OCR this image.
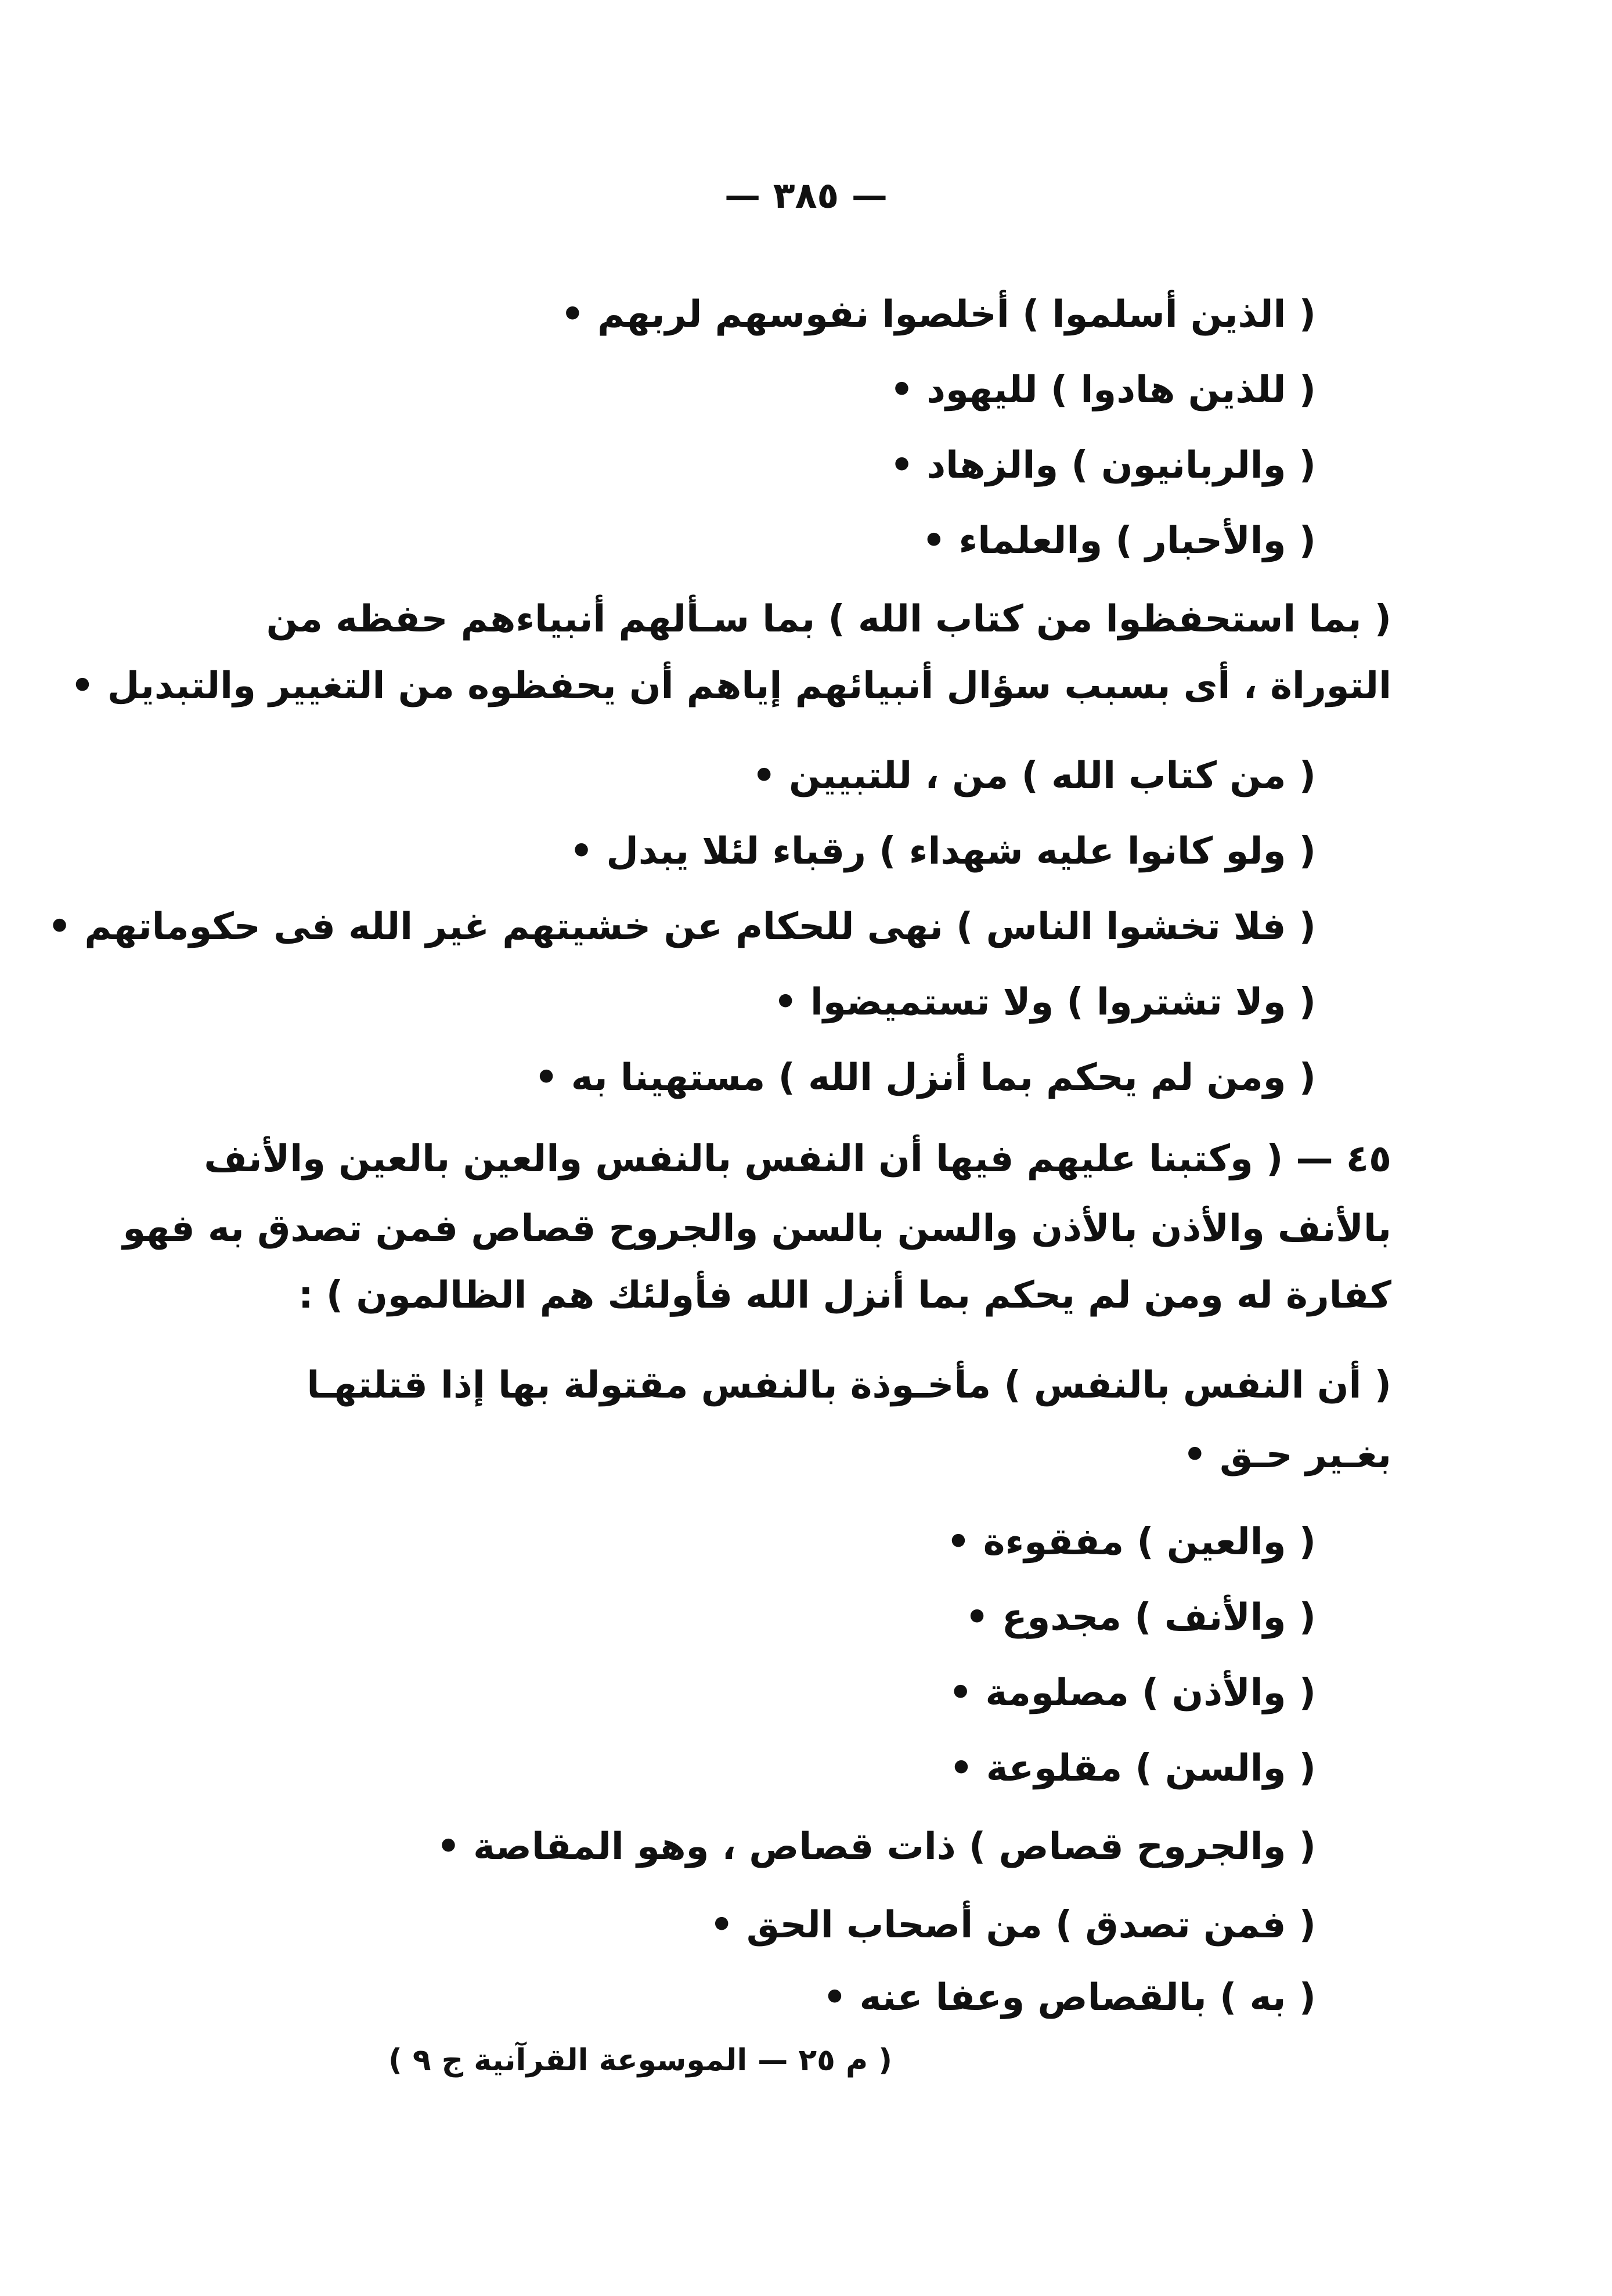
— ٣٨٥ —
( الذين أسلموا ) أخلصوا نفوسهم لربهم •
( للذين هادوا ) لليهود •
( والربانيون ) والزهاد •
( والأحبار ) والعلماء •
( بما استحفظوا من كتاب الله ) بما سـألهم أنبياءهم حفظه من
التوراة ، أى بسبب سؤال أنبيائهم إياهم أن يحفظوه من التغيير والتبديل •
( من كتاب الله ) من ، للتبيين •
( ولو كانوا عليه شهداء ) رقباء لئلا يبدل •
( فلا تخشوا الناس ) نهى للحكام عن خشيتهم غير الله فى حكوماتهم •
( ولا تشتروا ) ولا تستميضوا •
( ومن لم يحكم بما أنزل الله ) مستهينا به •
٤٥ — ( وكتبنا عليهم فيها أن النفس بالنفس والعين بالعين والأنف
بالأنف والأذن بالأذن والسن بالسن والجروح قصاص فمن تصدق به فهو
كفارة له ومن لم يحكم بما أنزل الله فأولئك هم الظالمون ) :
( أن النفس بالنفس ) مأخـوذة بالنفس مقتولة بها إذا قتلتهـا
بغـير حـق •
( والعين ) مفقوءة •
( والأنف ) مجدوع •
( والأذن ) مصلومة •
( والسن ) مقلوعة •
( والجروح قصاص ) ذات قصاص ، وهو المقاصة •
( فمن تصدق ) من أصحاب الحق •
( به ) بالقصاص وعفا عنه •
( م ٢٥ — الموسوعة القرآنية ج ٩ )
